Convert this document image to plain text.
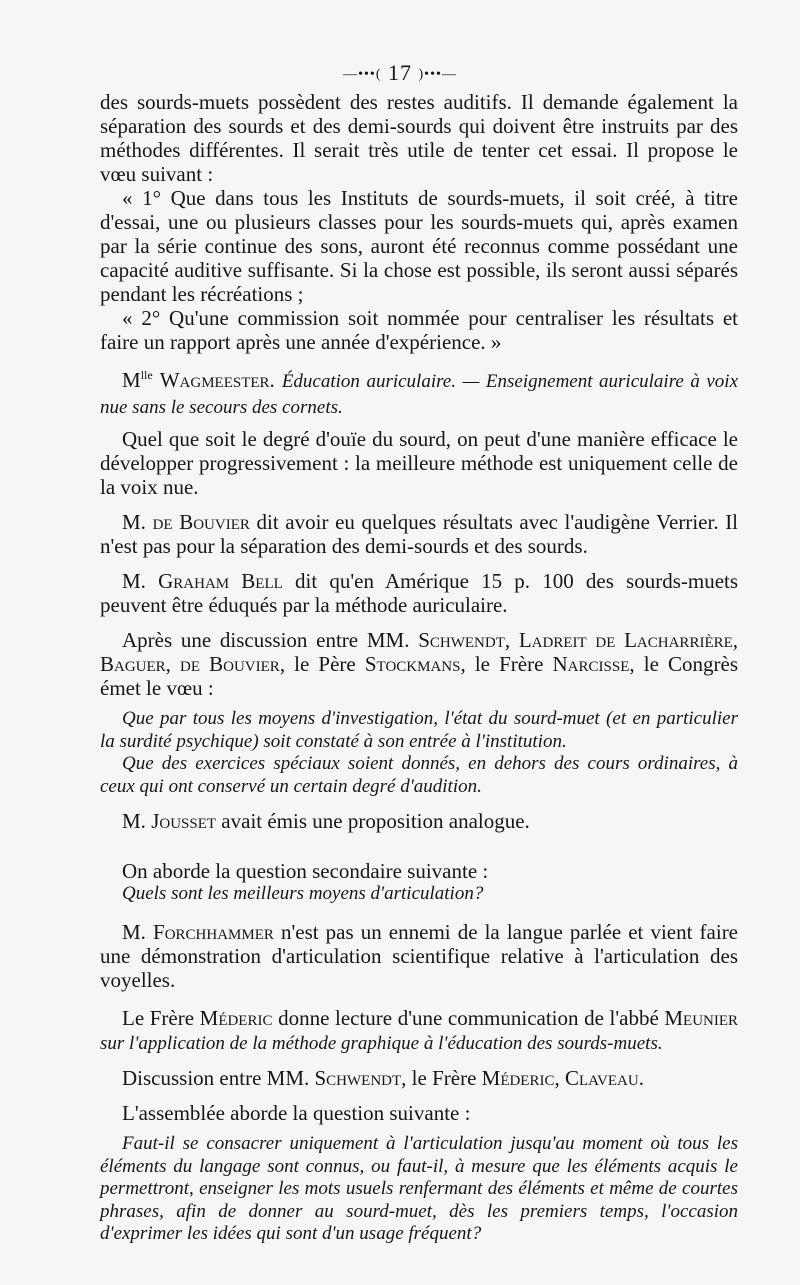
—•••( 17 )•••—

des sourds-muets possèdent des restes auditifs. Il demande également la séparation des sourds et des demi-sourds qui doivent être instruits par des méthodes différentes. Il serait très utile de tenter cet essai. Il propose le vœu suivant :

« 1° Que dans tous les Instituts de sourds-muets, il soit créé, à titre d'essai, une ou plusieurs classes pour les sourds-muets qui, après examen par la série continue des sons, auront été reconnus comme possédant une capacité auditive suffisante. Si la chose est possible, ils seront aussi séparés pendant les récréations ;

« 2° Qu'une commission soit nommée pour centraliser les résultats et faire un rapport après une année d'expérience. »

$M^{lle}$ Wagmeester. Éducation auriculaire. — Enseignement auriculaire à voix nue sans le secours des cornets.

Quel que soit le degré d'ouïe du sourd, on peut d'une manière efficace le développer progressivement : la meilleure méthode est uniquement celle de la voix nue.

M. de Bouvier dit avoir eu quelques résultats avec l'audigène Verrier. Il n'est pas pour la séparation des demi-sourds et des sourds.

M. Graham Bell dit qu'en Amérique 15 p. 100 des sourds-muets peuvent être éduqués par la méthode auriculaire.

Après une discussion entre MM. Schwendt, Ladreit de Lacharrière, Baguer, de Bouvier, le Père Stockmans, le Frère Narcisse, le Congrès émet le vœu :

Que par tous les moyens d'investigation, l'état du sourd-muet (et en particulier la surdité psychique) soit constaté à son entrée à l'institution.

Que des exercices spéciaux soient donnés, en dehors des cours ordinaires, à ceux qui ont conservé un certain degré d'audition.

M. Jousset avait émis une proposition analogue.

On aborde la question secondaire suivante :

Quels sont les meilleurs moyens d'articulation?

M. Forchhammer n'est pas un ennemi de la langue parlée et vient faire une démonstration d'articulation scientifique relative à l'articulation des voyelles.

Le Frère Méderic donne lecture d'une communication de l'abbé Meunier sur l'application de la méthode graphique à l'éducation des sourds-muets.

Discussion entre MM. Schwendt, le Frère Méderic, Claveau.

L'assemblée aborde la question suivante :

Faut-il se consacrer uniquement à l'articulation jusqu'au moment où tous les éléments du langage sont connus, ou faut-il, à mesure que les éléments acquis le permettront, enseigner les mots usuels renfermant des éléments et même de courtes phrases, afin de donner au sourd-muet, dès les premiers temps, l'occasion d'exprimer les idées qui sont d'un usage fréquent?
